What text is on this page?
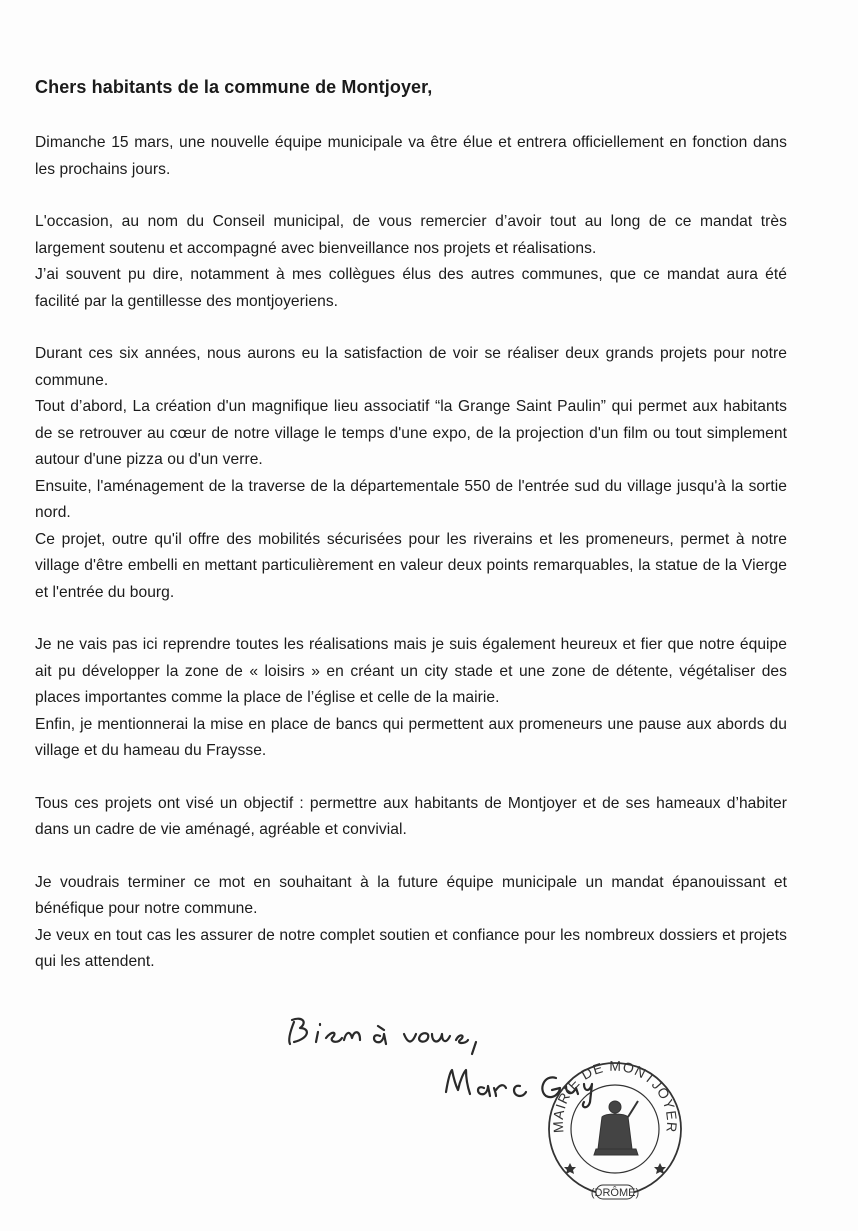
Chers habitants de la commune de Montjoyer,
Dimanche 15 mars, une nouvelle équipe municipale va être élue et entrera officiellement en fonction dans les prochains jours.
L'occasion, au nom du Conseil municipal, de vous remercier d’avoir tout au long de ce mandat très largement soutenu et accompagné avec bienveillance nos projets et réalisations.
J’ai souvent pu dire, notamment à mes collègues élus des autres communes, que ce mandat aura été facilité par la gentillesse des montjoyeriens.
Durant ces six années, nous aurons eu la satisfaction de voir se réaliser deux grands projets pour notre commune.
Tout d’abord, La création d'un magnifique lieu associatif “la Grange Saint Paulin” qui permet aux habitants de se retrouver au cœur de notre village le temps d'une expo, de la projection d'un film ou tout simplement autour d'une pizza ou d'un verre.
Ensuite, l'aménagement de la traverse de la départementale 550 de l'entrée sud du village jusqu'à la sortie nord.
Ce projet, outre qu'il offre des mobilités sécurisées pour les riverains et les promeneurs, permet à notre village d'être embelli en mettant particulièrement en valeur deux points remarquables, la statue de la Vierge et l'entrée du bourg.
Je ne vais pas ici reprendre toutes les réalisations mais je suis également heureux et fier que notre équipe ait pu développer la zone de « loisirs » en créant un city stade et une zone de détente, végétaliser des places importantes comme la place de l’église et celle de la mairie.
Enfin, je mentionnerai la mise en place de bancs qui permettent aux promeneurs une pause aux abords du village et du hameau du Fraysse.
Tous ces projets ont visé un objectif : permettre aux habitants de Montjoyer et de ses hameaux d’habiter dans un cadre de vie aménagé, agréable et convivial.
Je voudrais terminer ce mot en souhaitant à la future équipe municipale un mandat épanouissant et bénéfique pour notre commune.
Je veux en tout cas les assurer de notre complet soutien et confiance pour les nombreux dossiers et projets qui les attendent.
MAIRIE DE MONTJOYER
(DRÔME)
